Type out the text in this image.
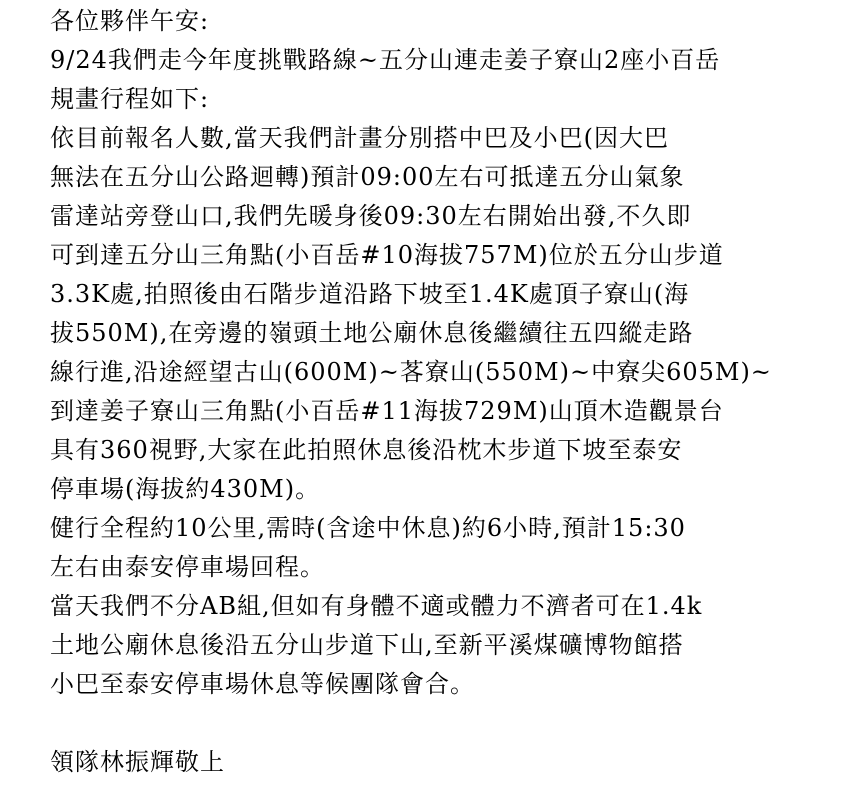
各位夥伴午安:

9/24我們走今年度挑戰路線~五分山連走姜子寮山2座小百岳

規畫行程如下:

依目前報名人數,當天我們計畫分別搭中巴及小巴(因大巴

無法在五分山公路迴轉)預計09:00左右可抵達五分山氣象

雷達站旁登山口,我們先暖身後09:30左右開始出發,不久即

可到達五分山三角點(小百岳#10海拔757M)位於五分山步道

3.3K處,拍照後由石階步道沿路下坡至1.4K處頂子寮山(海

拔550M),在旁邊的嶺頭土地公廟休息後繼續往五四縱走路

線行進,沿途經望古山(600M)~茖寮山(550M)~中寮尖605M)~

到達姜子寮山三角點(小百岳#11海拔729M)山頂木造觀景台

具有360視野,大家在此拍照休息後沿枕木步道下坡至泰安

停車場(海拔約430M)。

健行全程約10公里,需時(含途中休息)約6小時,預計15:30

左右由泰安停車場回程。

當天我們不分AB組,但如有身體不適或體力不濟者可在1.4k

土地公廟休息後沿五分山步道下山,至新平溪煤礦博物館搭

小巴至泰安停車場休息等候團隊會合。

領隊林振輝敬上
